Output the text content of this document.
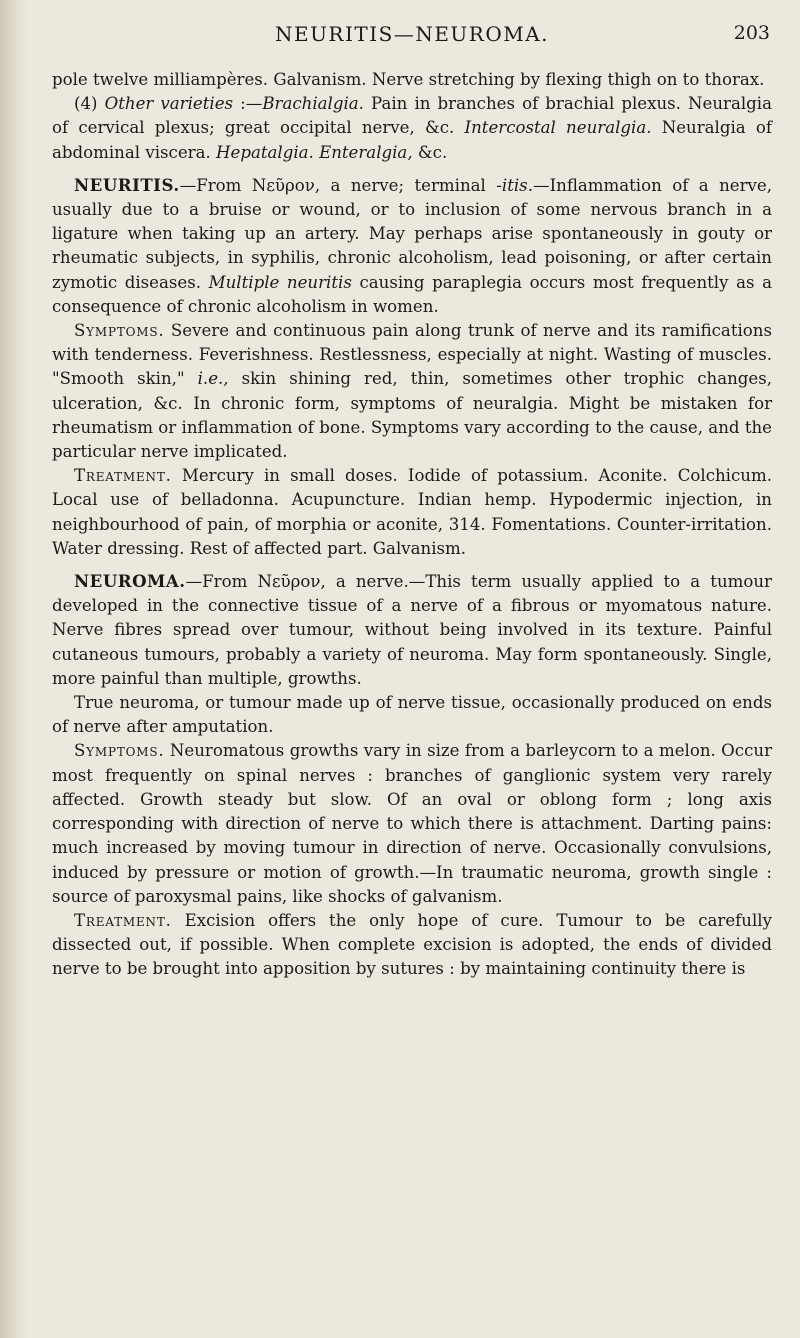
NEURITIS—NEUROMA.	203

pole twelve milliampères. Galvanism. Nerve stretching by flexing thigh on to thorax.

(4) Other varieties :—Brachialgia. Pain in branches of brachial plexus. Neuralgia of cervical plexus; great occipital nerve, &c. Intercostal neuralgia. Neuralgia of abdominal viscera. Hepatalgia. Enteralgia, &c.

NEURITIS.—From Νεῦρον, a nerve; terminal -itis.—Inflammation of a nerve, usually due to a bruise or wound, or to inclusion of some nervous branch in a ligature when taking up an artery. May perhaps arise spontaneously in gouty or rheumatic subjects, in syphilis, chronic alcoholism, lead poisoning, or after certain zymotic diseases. Multiple neuritis causing paraplegia occurs most frequently as a consequence of chronic alcoholism in women.

Symptoms. Severe and continuous pain along trunk of nerve and its ramifications with tenderness. Feverishness. Restlessness, especially at night. Wasting of muscles. "Smooth skin," i.e., skin shining red, thin, sometimes other trophic changes, ulceration, &c. In chronic form, symptoms of neuralgia. Might be mistaken for rheumatism or inflammation of bone. Symptoms vary according to the cause, and the particular nerve implicated.

Treatment. Mercury in small doses. Iodide of potassium. Aconite. Colchicum. Local use of belladonna. Acupuncture. Indian hemp. Hypodermic injection, in neighbourhood of pain, of morphia or aconite, 314. Fomentations. Counter-irritation. Water dressing. Rest of affected part. Galvanism.

NEUROMA.—From Νεῦρον, a nerve.—This term usually applied to a tumour developed in the connective tissue of a nerve of a fibrous or myomatous nature. Nerve fibres spread over tumour, without being involved in its texture. Painful cutaneous tumours, probably a variety of neuroma. May form spontaneously. Single, more painful than multiple, growths.

True neuroma, or tumour made up of nerve tissue, occasionally produced on ends of nerve after amputation.

Symptoms. Neuromatous growths vary in size from a barleycorn to a melon. Occur most frequently on spinal nerves : branches of ganglionic system very rarely affected. Growth steady but slow. Of an oval or oblong form ; long axis corresponding with direction of nerve to which there is attachment. Darting pains: much increased by moving tumour in direction of nerve. Occasionally convulsions, induced by pressure or motion of growth.—In traumatic neuroma, growth single : source of paroxysmal pains, like shocks of galvanism.

Treatment. Excision offers the only hope of cure. Tumour to be carefully dissected out, if possible. When complete excision is adopted, the ends of divided nerve to be brought into apposition by sutures : by maintaining continuity there is
